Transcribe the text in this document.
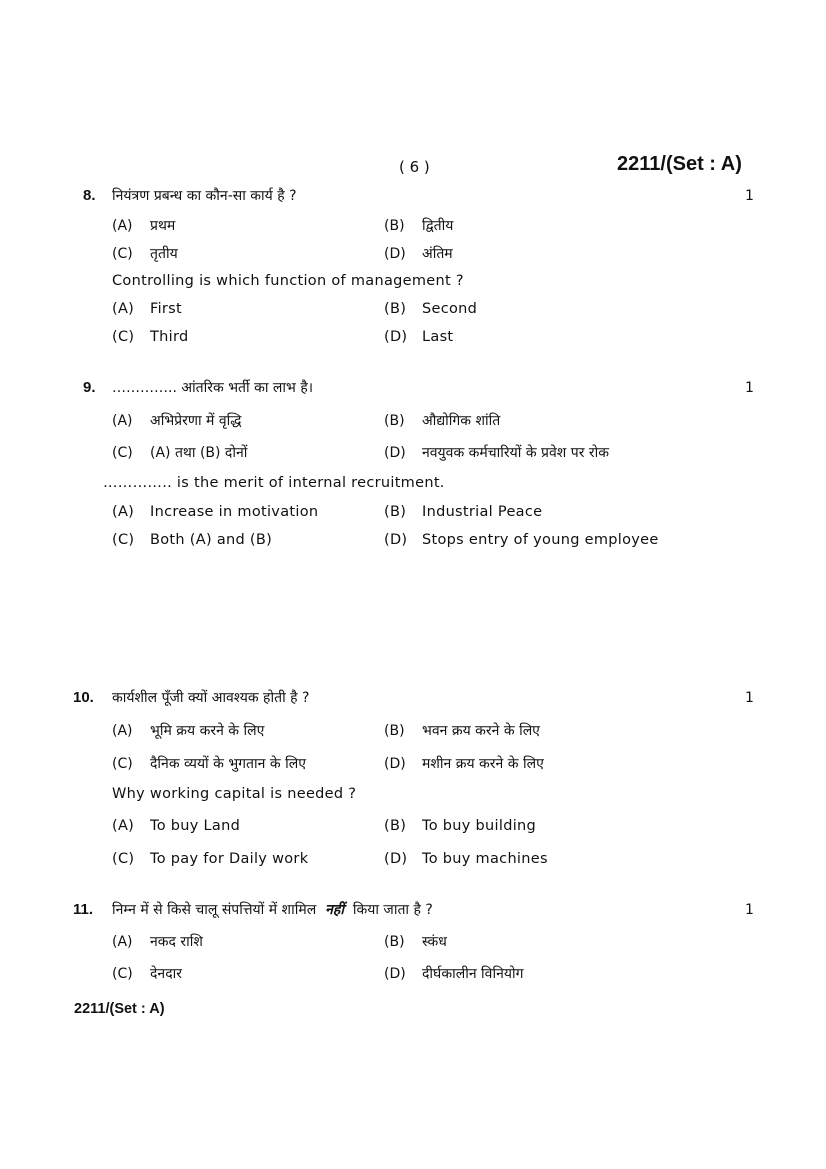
( 6 )	2211/(Set : A)
8. नियंत्रण प्रबन्ध का कौन-सा कार्य है ?	1
(A) प्रथम	(B) द्वितीय
(C) तृतीय	(D) अंतिम
Controlling is which function of management ?
(A) First	(B) Second
(C) Third	(D) Last
9. ………….. आंतरिक भर्ती का लाभ है।	1
(A) अभिप्रेरणा में वृद्धि	(B) औद्योगिक शांति
(C) (A) तथा (B) दोनों	(D) नवयुवक कर्मचारियों के प्रवेश पर रोक
………….. is the merit of internal recruitment.
(A) Increase in motivation	(B) Industrial Peace
(C) Both (A) and (B)	(D) Stops entry of young employee
10. कार्यशील पूँजी क्यों आवश्यक होती है ?	1
(A) भूमि क्रय करने के लिए	(B) भवन क्रय करने के लिए
(C) दैनिक व्ययों के भुगतान के लिए	(D) मशीन क्रय करने के लिए
Why working capital is needed ?
(A) To buy Land	(B) To buy building
(C) To pay for Daily work	(D) To buy machines
11. निम्न में से किसे चालू संपत्तियों में शामिल नहीं किया जाता है ?	1
(A) नकद राशि	(B) स्कंध
(C) देनदार	(D) दीर्घकालीन विनियोग
2211/(Set : A)
